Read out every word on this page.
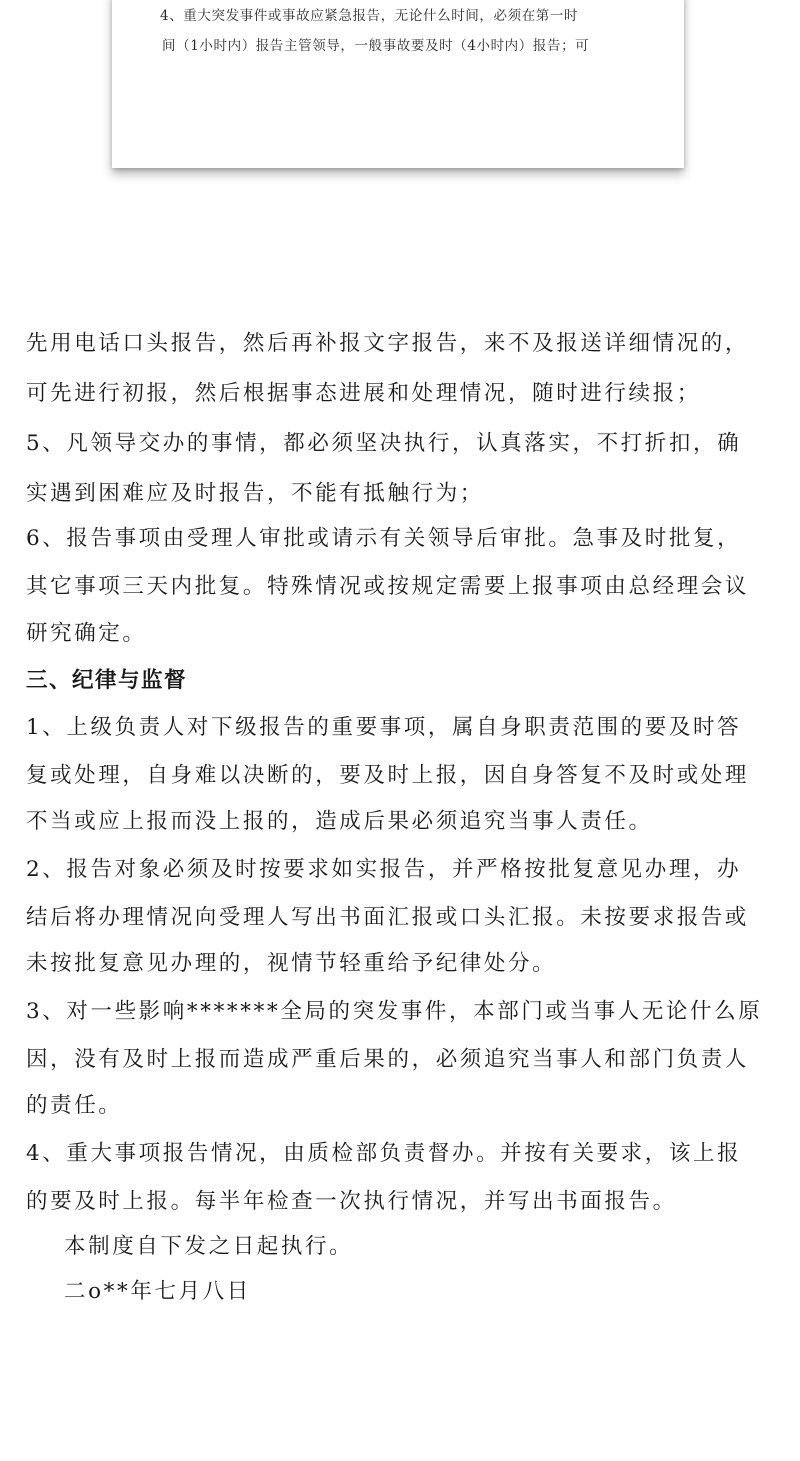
4、重大突发事件或事故应紧急报告，无论什么时间，必须在第一时
间（1小时内）报告主管领导，一般事故要及时（4小时内）报告；可
先用电话口头报告，然后再补报文字报告，来不及报送详细情况的，
可先进行初报，然后根据事态进展和处理情况，随时进行续报；
5、凡领导交办的事情，都必须坚决执行，认真落实，不打折扣，确
实遇到困难应及时报告，不能有抵触行为；
6、报告事项由受理人审批或请示有关领导后审批。急事及时批复，
其它事项三天内批复。特殊情况或按规定需要上报事项由总经理会议
研究确定。
三、纪律与监督
1、上级负责人对下级报告的重要事项，属自身职责范围的要及时答
复或处理，自身难以决断的，要及时上报，因自身答复不及时或处理
不当或应上报而没上报的，造成后果必须追究当事人责任。
2、报告对象必须及时按要求如实报告，并严格按批复意见办理，办
结后将办理情况向受理人写出书面汇报或口头汇报。未按要求报告或
未按批复意见办理的，视情节轻重给予纪律处分。
3、对一些影响*******全局的突发事件，本部门或当事人无论什么原
因，没有及时上报而造成严重后果的，必须追究当事人和部门负责人
的责任。
4、重大事项报告情况，由质检部负责督办。并按有关要求，该上报
的要及时上报。每半年检查一次执行情况，并写出书面报告。
本制度自下发之日起执行。
二o**年七月八日
